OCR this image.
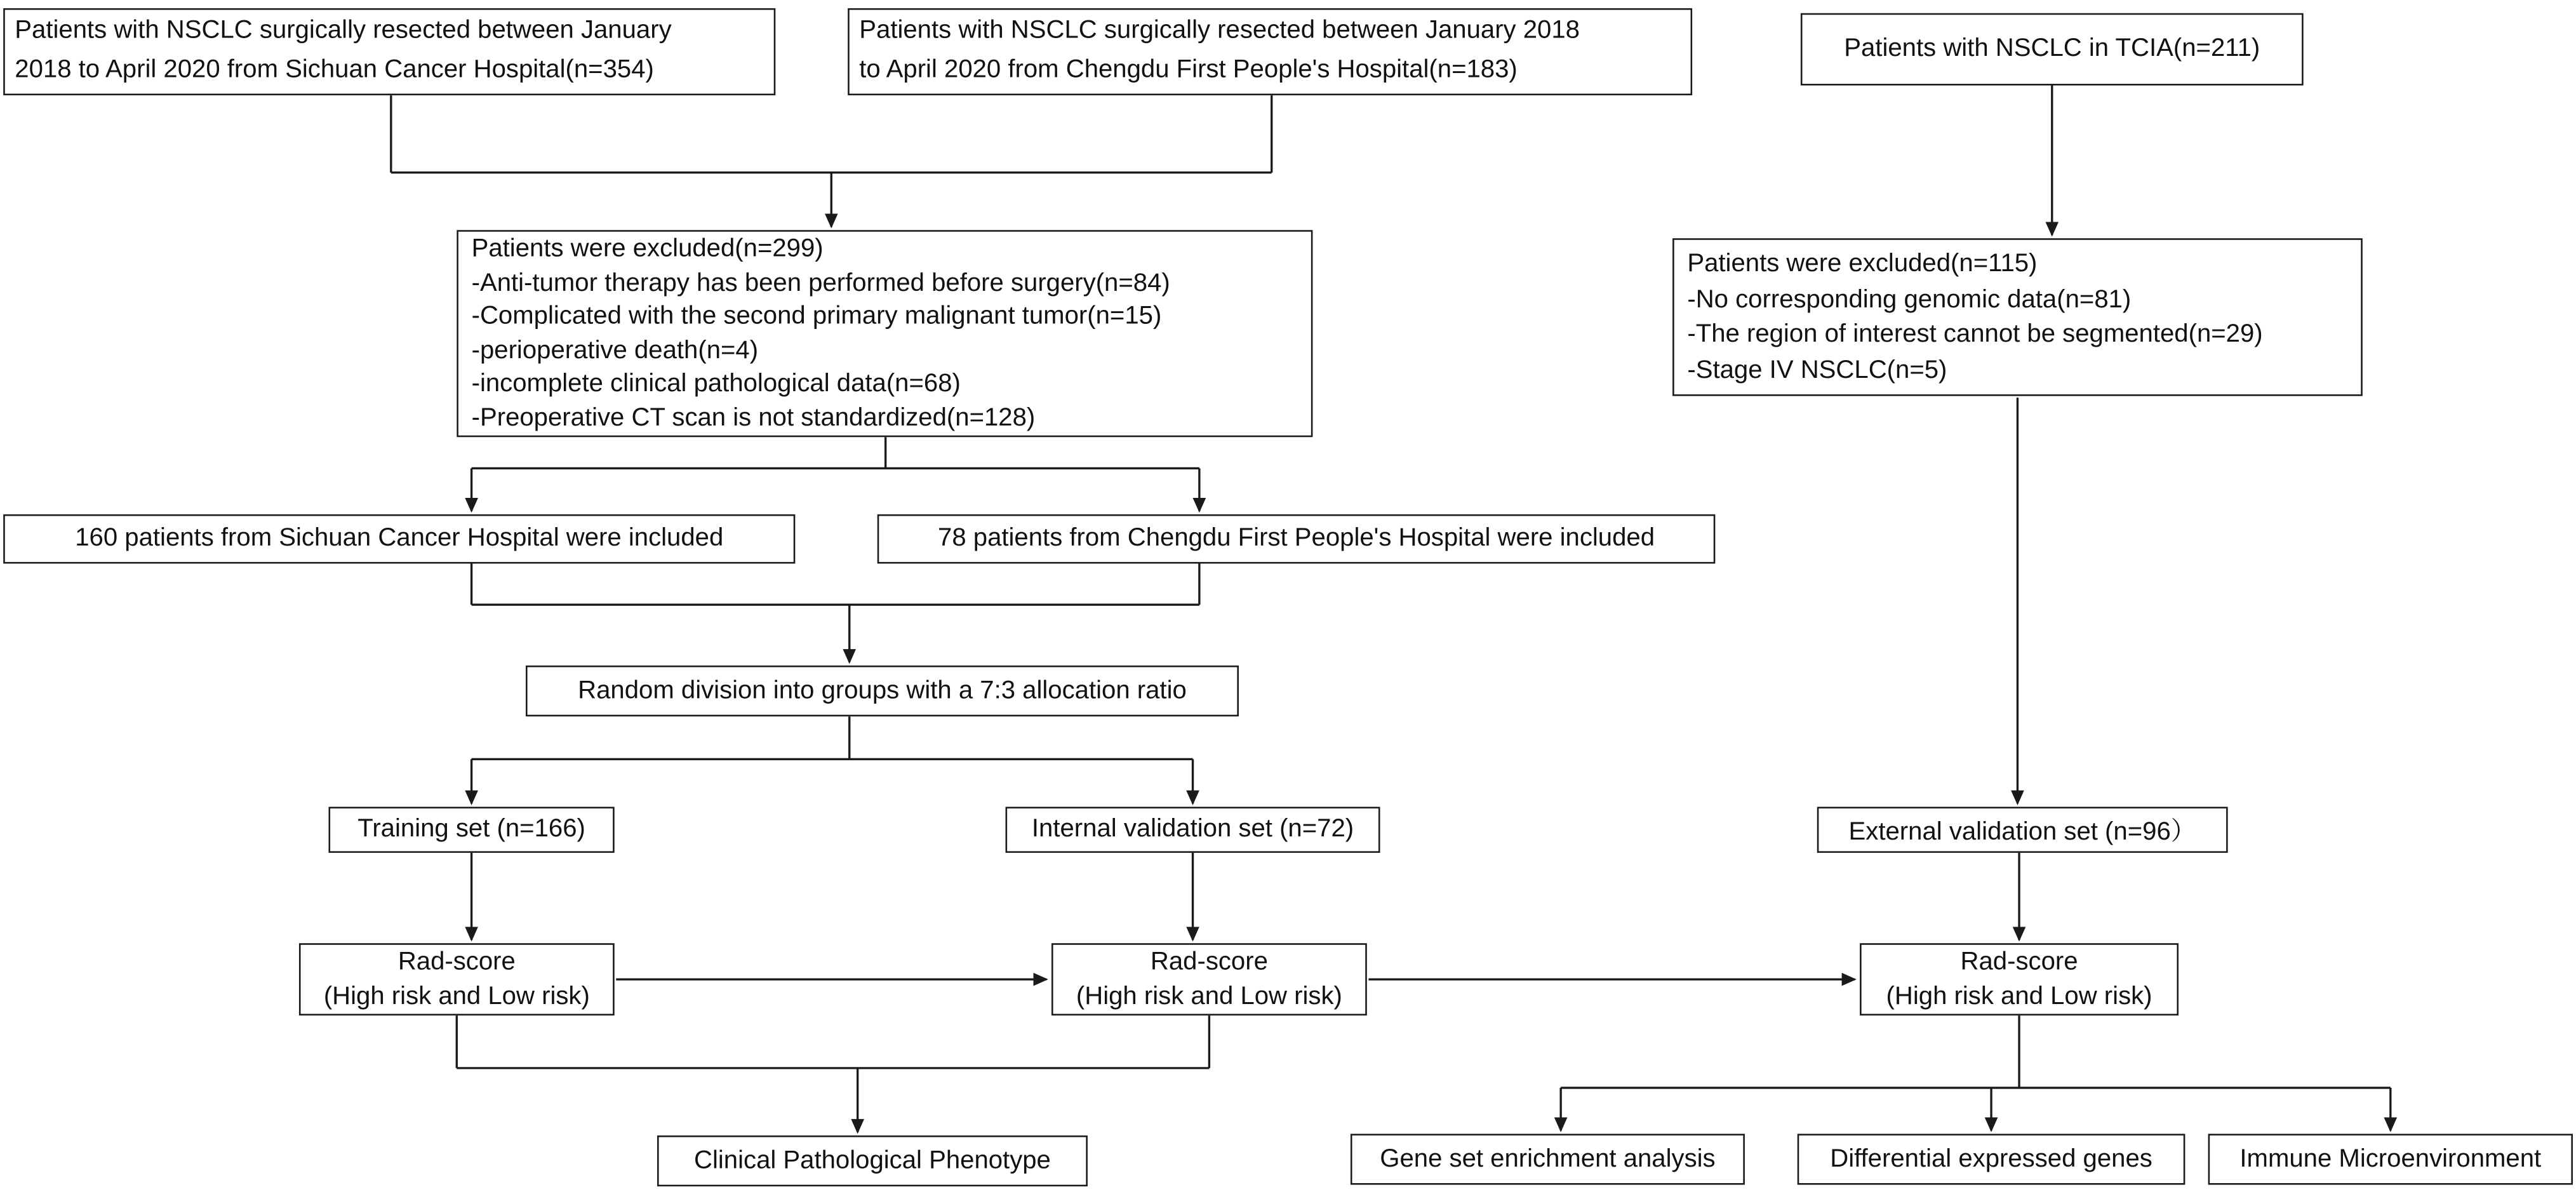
Patients with NSCLC surgically resected between January
2018 to April 2020 from Sichuan Cancer Hospital(n=354)
Patients with NSCLC surgically resected between January 2018
to April 2020 from Chengdu First People's Hospital(n=183)
Patients with NSCLC in TCIA(n=211)
Patients were excluded(n=299)
-Anti-tumor therapy has been performed before surgery(n=84)
-Complicated with the second primary malignant tumor(n=15)
-perioperative death(n=4)
-incomplete clinical pathological data(n=68)
-Preoperative CT scan is not standardized(n=128)
Patients were excluded(n=115)
-No corresponding genomic data(n=81)
-The region of interest cannot be segmented(n=29)
-Stage IV NSCLC(n=5)
160 patients from Sichuan Cancer Hospital were included	78 patients from Chengdu First People's Hospital were included
Random division into groups with a 7:3 allocation ratio
Training set (n=166)	Internal validation set (n=72)	External validation set (n=96）
Rad-score
(High risk and Low risk)
Rad-score
(High risk and Low risk)
Rad-score
(High risk and Low risk)
Clinical Pathological Phenotype	Gene set enrichment analysis	Differential expressed genes	Immune Microenvironment
